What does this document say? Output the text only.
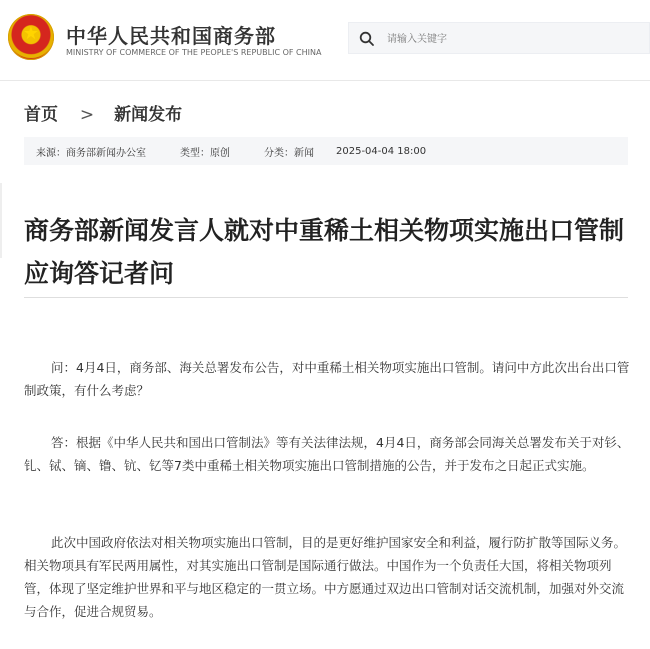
★ 中华人民共和国商务部
MINISTRY OF COMMERCE OF THE PEOPLE'S REPUBLIC OF CHINA
请输入关键字
首页 > 新闻发布
来源：商务部新闻办公室	类型：原创	分类：新闻 2025-04-04 18:00
商务部新闻发言人就对中重稀土相关物项实施出口管制应询答记者问

问：4月4日，商务部、海关总署发布公告，对中重稀土相关物项实施出口管制。请问中方此次出台出口管制政策，有什么考虑？

答：根据《中华人民共和国出口管制法》等有关法律法规，4月4日，商务部会同海关总署发布关于对钐、钆、铽、镝、镥、钪、钇等7类中重稀土相关物项实施出口管制措施的公告，并于发布之日起正式实施。

此次中国政府依法对相关物项实施出口管制，目的是更好维护国家安全和利益，履行防扩散等国际义务。相关物项具有军民两用属性，对其实施出口管制是国际通行做法。中国作为一个负责任大国，将相关物项列管，体现了坚定维护世界和平与地区稳定的一贯立场。中方愿通过双边出口管制对话交流机制，加强对外交流与合作，促进合规贸易。
